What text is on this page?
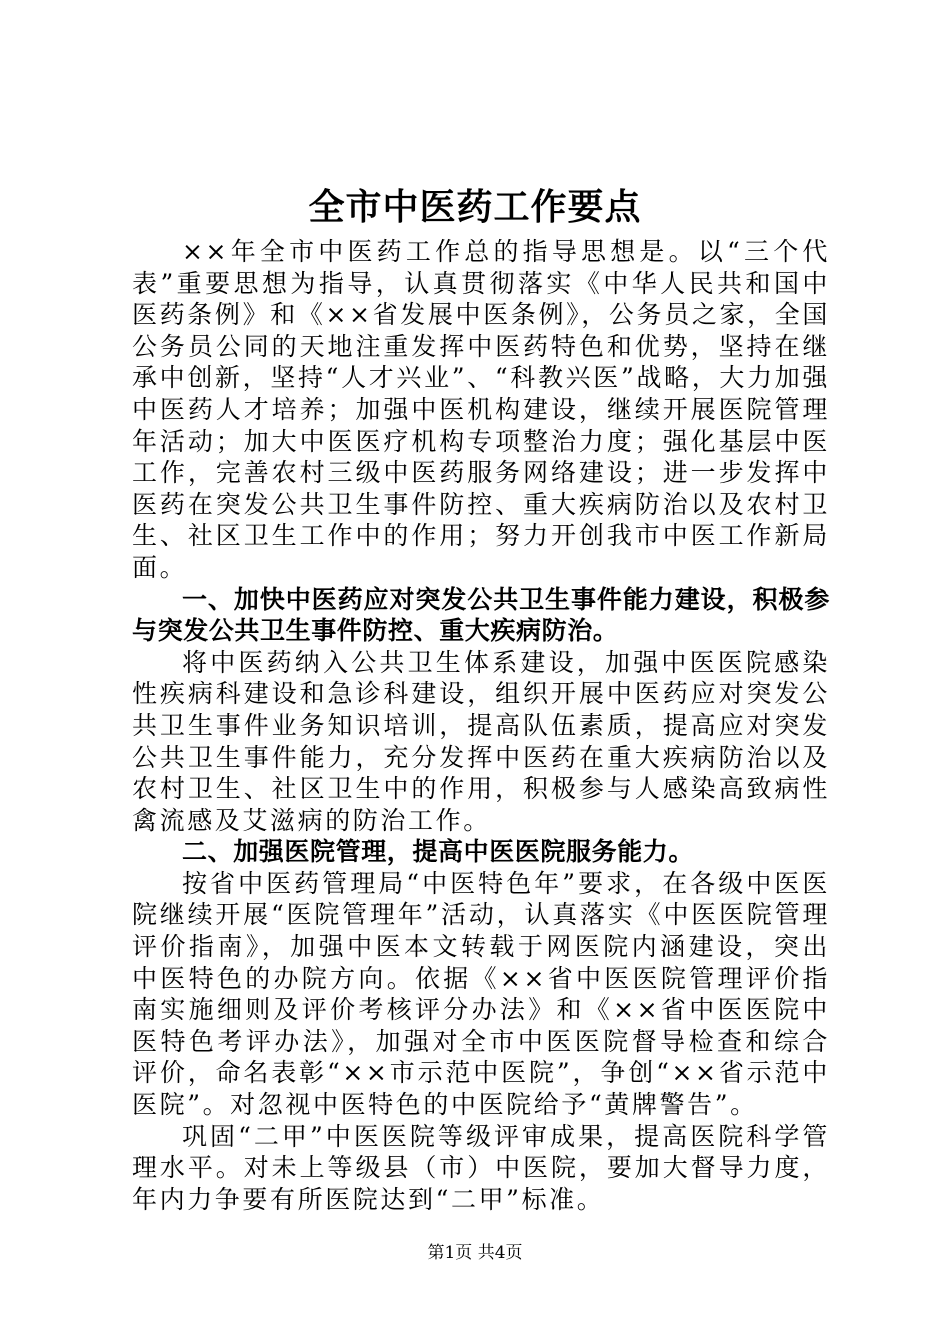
全市中医药工作要点

××年全市中医药工作总的指导思想是。以“三个代表”重要思想为指导，认真贯彻落实《中华人民共和国中医药条例》和《××省发展中医条例》，公务员之家，全国公务员公同的天地注重发挥中医药特色和优势，坚持在继承中创新，坚持“人才兴业”、“科教兴医”战略，大力加强中医药人才培养；加强中医机构建设，继续开展医院管理年活动；加大中医医疗机构专项整治力度；强化基层中医工作，完善农村三级中医药服务网络建设；进一步发挥中医药在突发公共卫生事件防控、重大疾病防治以及农村卫生、社区卫生工作中的作用；努力开创我市中医工作新局面。

一、加快中医药应对突发公共卫生事件能力建设，积极参与突发公共卫生事件防控、重大疾病防治。

将中医药纳入公共卫生体系建设，加强中医医院感染性疾病科建设和急诊科建设，组织开展中医药应对突发公共卫生事件业务知识培训，提高队伍素质，提高应对突发公共卫生事件能力，充分发挥中医药在重大疾病防治以及农村卫生、社区卫生中的作用，积极参与人感染高致病性禽流感及艾滋病的防治工作。

二、加强医院管理，提高中医医院服务能力。

按省中医药管理局“中医特色年”要求，在各级中医医院继续开展“医院管理年”活动，认真落实《中医医院管理评价指南》，加强中医本文转载于网医院内涵建设，突出中医特色的办院方向。依据《××省中医医院管理评价指南实施细则及评价考核评分办法》和《××省中医医院中医特色考评办法》，加强对全市中医医院督导检查和综合评价，命名表彰“××市示范中医院”，争创“××省示范中医院”。对忽视中医特色的中医院给予“黄牌警告”。

巩固“二甲”中医医院等级评审成果，提高医院科学管理水平。对未上等级县（市）中医院，要加大督导力度，年内力争要有所医院达到“二甲”标准。

第1页 共4页
